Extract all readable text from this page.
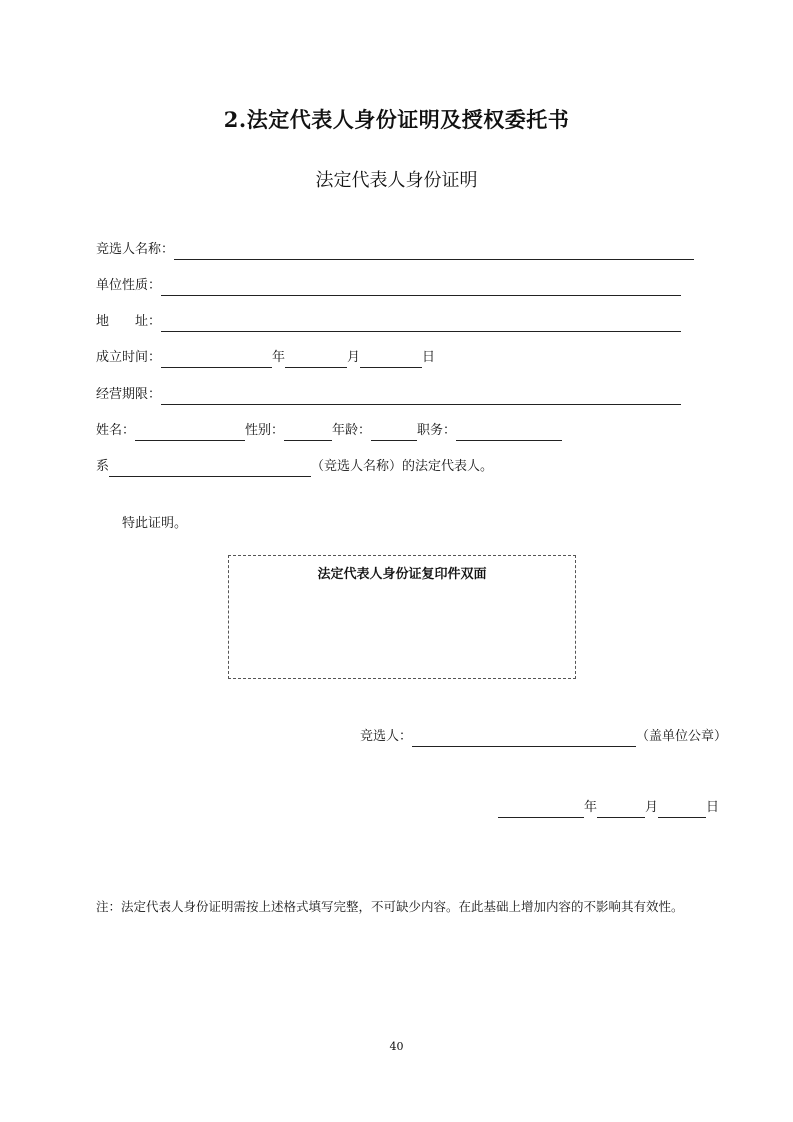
2.法定代表人身份证明及授权委托书
法定代表人身份证明
竞选人名称：
单位性质：
地　　址：
成立时间：	年	月	日
经营期限：
姓名：	性别：	年龄：	职务：
系	（竞选人名称）的法定代表人。
特此证明。
法定代表人身份证复印件双面
竞选人：	（盖单位公章）
年	月	日
注：法定代表人身份证明需按上述格式填写完整，不可缺少内容。在此基础上增加内容的不影响其有效性。
40
